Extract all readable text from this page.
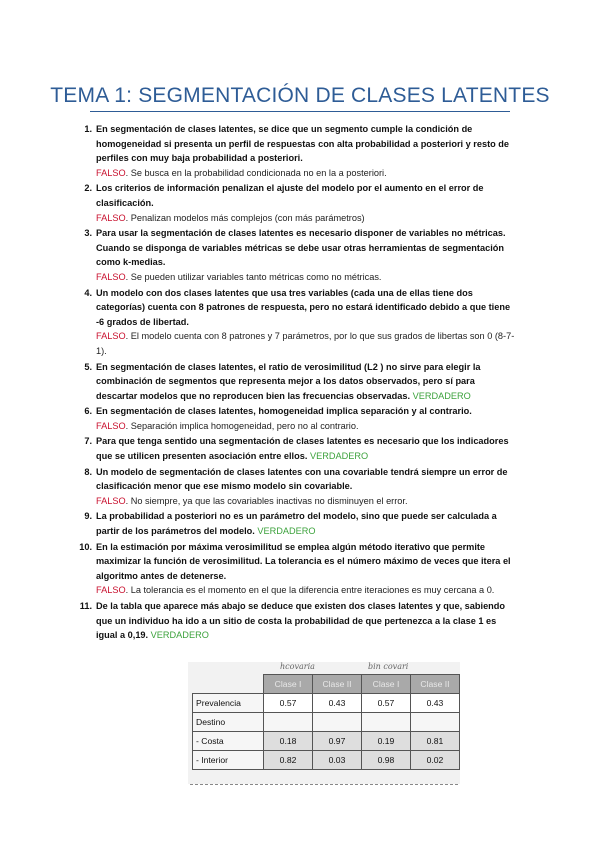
TEMA 1: SEGMENTACIÓN DE CLASES LATENTES
1. En segmentación de clases latentes, se dice que un segmento cumple la condición de homogeneidad si presenta un perfil de respuestas con alta probabilidad a posteriori y resto de perfiles con muy baja probabilidad a posteriori.
FALSO. Se busca en la probabilidad condicionada no en la a posteriori.
2. Los criterios de información penalizan el ajuste del modelo por el aumento en el error de clasificación.
FALSO. Penalizan modelos más complejos (con más parámetros)
3. Para usar la segmentación de clases latentes es necesario disponer de variables no métricas. Cuando se disponga de variables métricas se debe usar otras herramientas de segmentación como k-medias.
FALSO. Se pueden utilizar variables tanto métricas como no métricas.
4. Un modelo con dos clases latentes que usa tres variables (cada una de ellas tiene dos categorías) cuenta con 8 patrones de respuesta, pero no estará identificado debido a que tiene -6 grados de libertad.
FALSO. El modelo cuenta con 8 patrones y 7 parámetros, por lo que sus grados de libertas son 0 (8-7-1).
5. En segmentación de clases latentes, el ratio de verosimilitud (L2 ) no sirve para elegir la combinación de segmentos que representa mejor a los datos observados, pero sí para descartar modelos que no reproducen bien las frecuencias observadas. VERDADERO
6. En segmentación de clases latentes, homogeneidad implica separación y al contrario.
FALSO. Separación implica homogeneidad, pero no al contrario.
7. Para que tenga sentido una segmentación de clases latentes es necesario que los indicadores que se utilicen presenten asociación entre ellos. VERDADERO
8. Un modelo de segmentación de clases latentes con una covariable tendrá siempre un error de clasificación menor que ese mismo modelo sin covariable.
FALSO. No siempre, ya que las covariables inactivas no disminuyen el error.
9. La probabilidad a posteriori no es un parámetro del modelo, sino que puede ser calculada a partir de los parámetros del modelo. VERDADERO
10. En la estimación por máxima verosimilitud se emplea algún método iterativo que permite maximizar la función de verosimilitud. La tolerancia es el número máximo de veces que itera el algoritmo antes de detenerse.
FALSO. La tolerancia es el momento en el que la diferencia entre iteraciones es muy cercana a 0.
11. De la tabla que aparece más abajo se deduce que existen dos clases latentes y que, sabiendo que un individuo ha ido a un sitio de costa la probabilidad de que pertenezca a la clase 1 es igual a 0,19. VERDADERO
hcovaria	bin covari
	Clase I	Clase II	Clase I	Clase II
Prevalencia	0.57	0.43	0.57	0.43
Destino				
- Costa	0.18	0.97	0.19	0.81
- Interior	0.82	0.03	0.98	0.02
